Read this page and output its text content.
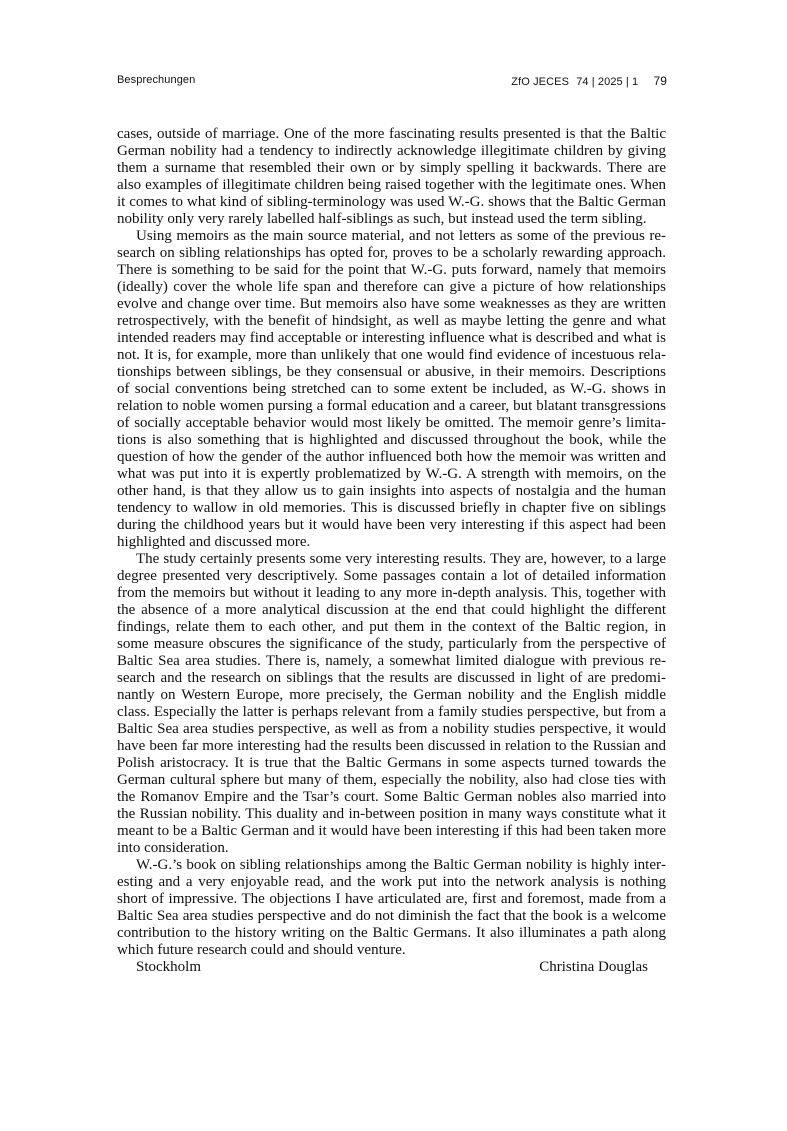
Besprechungen	ZfO JECES 74 | 2025 | 1 79

cases, outside of marriage. One of the more fascinating results presented is that the Baltic German nobility had a tendency to indirectly acknowledge illegitimate children by giving them a surname that resembled their own or by simply spelling it backwards. There are also examples of illegitimate children being raised together with the legitimate ones. When it comes to what kind of sibling-terminology was used W.-G. shows that the Baltic German nobility only very rarely labelled half-siblings as such, but instead used the term sibling.

Using memoirs as the main source material, and not letters as some of the previous research on sibling relationships has opted for, proves to be a scholarly rewarding approach. There is something to be said for the point that W.-G. puts forward, namely that memoirs (ideally) cover the whole life span and therefore can give a picture of how relationships evolve and change over time. But memoirs also have some weaknesses as they are written retrospectively, with the benefit of hindsight, as well as maybe letting the genre and what intended readers may find acceptable or interesting influence what is described and what is not. It is, for example, more than unlikely that one would find evidence of incestuous relationships between siblings, be they consensual or abusive, in their memoirs. Descriptions of social conventions being stretched can to some extent be included, as W.-G. shows in relation to noble women pursing a formal education and a career, but blatant transgressions of socially acceptable behavior would most likely be omitted. The memoir genre’s limitations is also something that is highlighted and discussed throughout the book, while the question of how the gender of the author influenced both how the memoir was written and what was put into it is expertly problematized by W.-G. A strength with memoirs, on the other hand, is that they allow us to gain insights into aspects of nostalgia and the human tendency to wallow in old memories. This is discussed briefly in chapter five on siblings during the childhood years but it would have been very interesting if this aspect had been highlighted and discussed more.

The study certainly presents some very interesting results. They are, however, to a large degree presented very descriptively. Some passages contain a lot of detailed information from the memoirs but without it leading to any more in-depth analysis. This, together with the absence of a more analytical discussion at the end that could highlight the different findings, relate them to each other, and put them in the context of the Baltic region, in some measure obscures the significance of the study, particularly from the perspective of Baltic Sea area studies. There is, namely, a somewhat limited dialogue with previous research and the research on siblings that the results are discussed in light of are predominantly on Western Europe, more precisely, the German nobility and the English middle class. Especially the latter is perhaps relevant from a family studies perspective, but from a Baltic Sea area studies perspective, as well as from a nobility studies perspective, it would have been far more interesting had the results been discussed in relation to the Russian and Polish aristocracy. It is true that the Baltic Germans in some aspects turned towards the German cultural sphere but many of them, especially the nobility, also had close ties with the Romanov Empire and the Tsar’s court. Some Baltic German nobles also married into the Russian nobility. This duality and in-between position in many ways constitute what it meant to be a Baltic German and it would have been interesting if this had been taken more into consideration.

W.-G.’s book on sibling relationships among the Baltic German nobility is highly interesting and a very enjoyable read, and the work put into the network analysis is nothing short of impressive. The objections I have articulated are, first and foremost, made from a Baltic Sea area studies perspective and do not diminish the fact that the book is a welcome contribution to the history writing on the Baltic Germans. It also illuminates a path along which future research could and should venture.

Stockholm	Christina Douglas
